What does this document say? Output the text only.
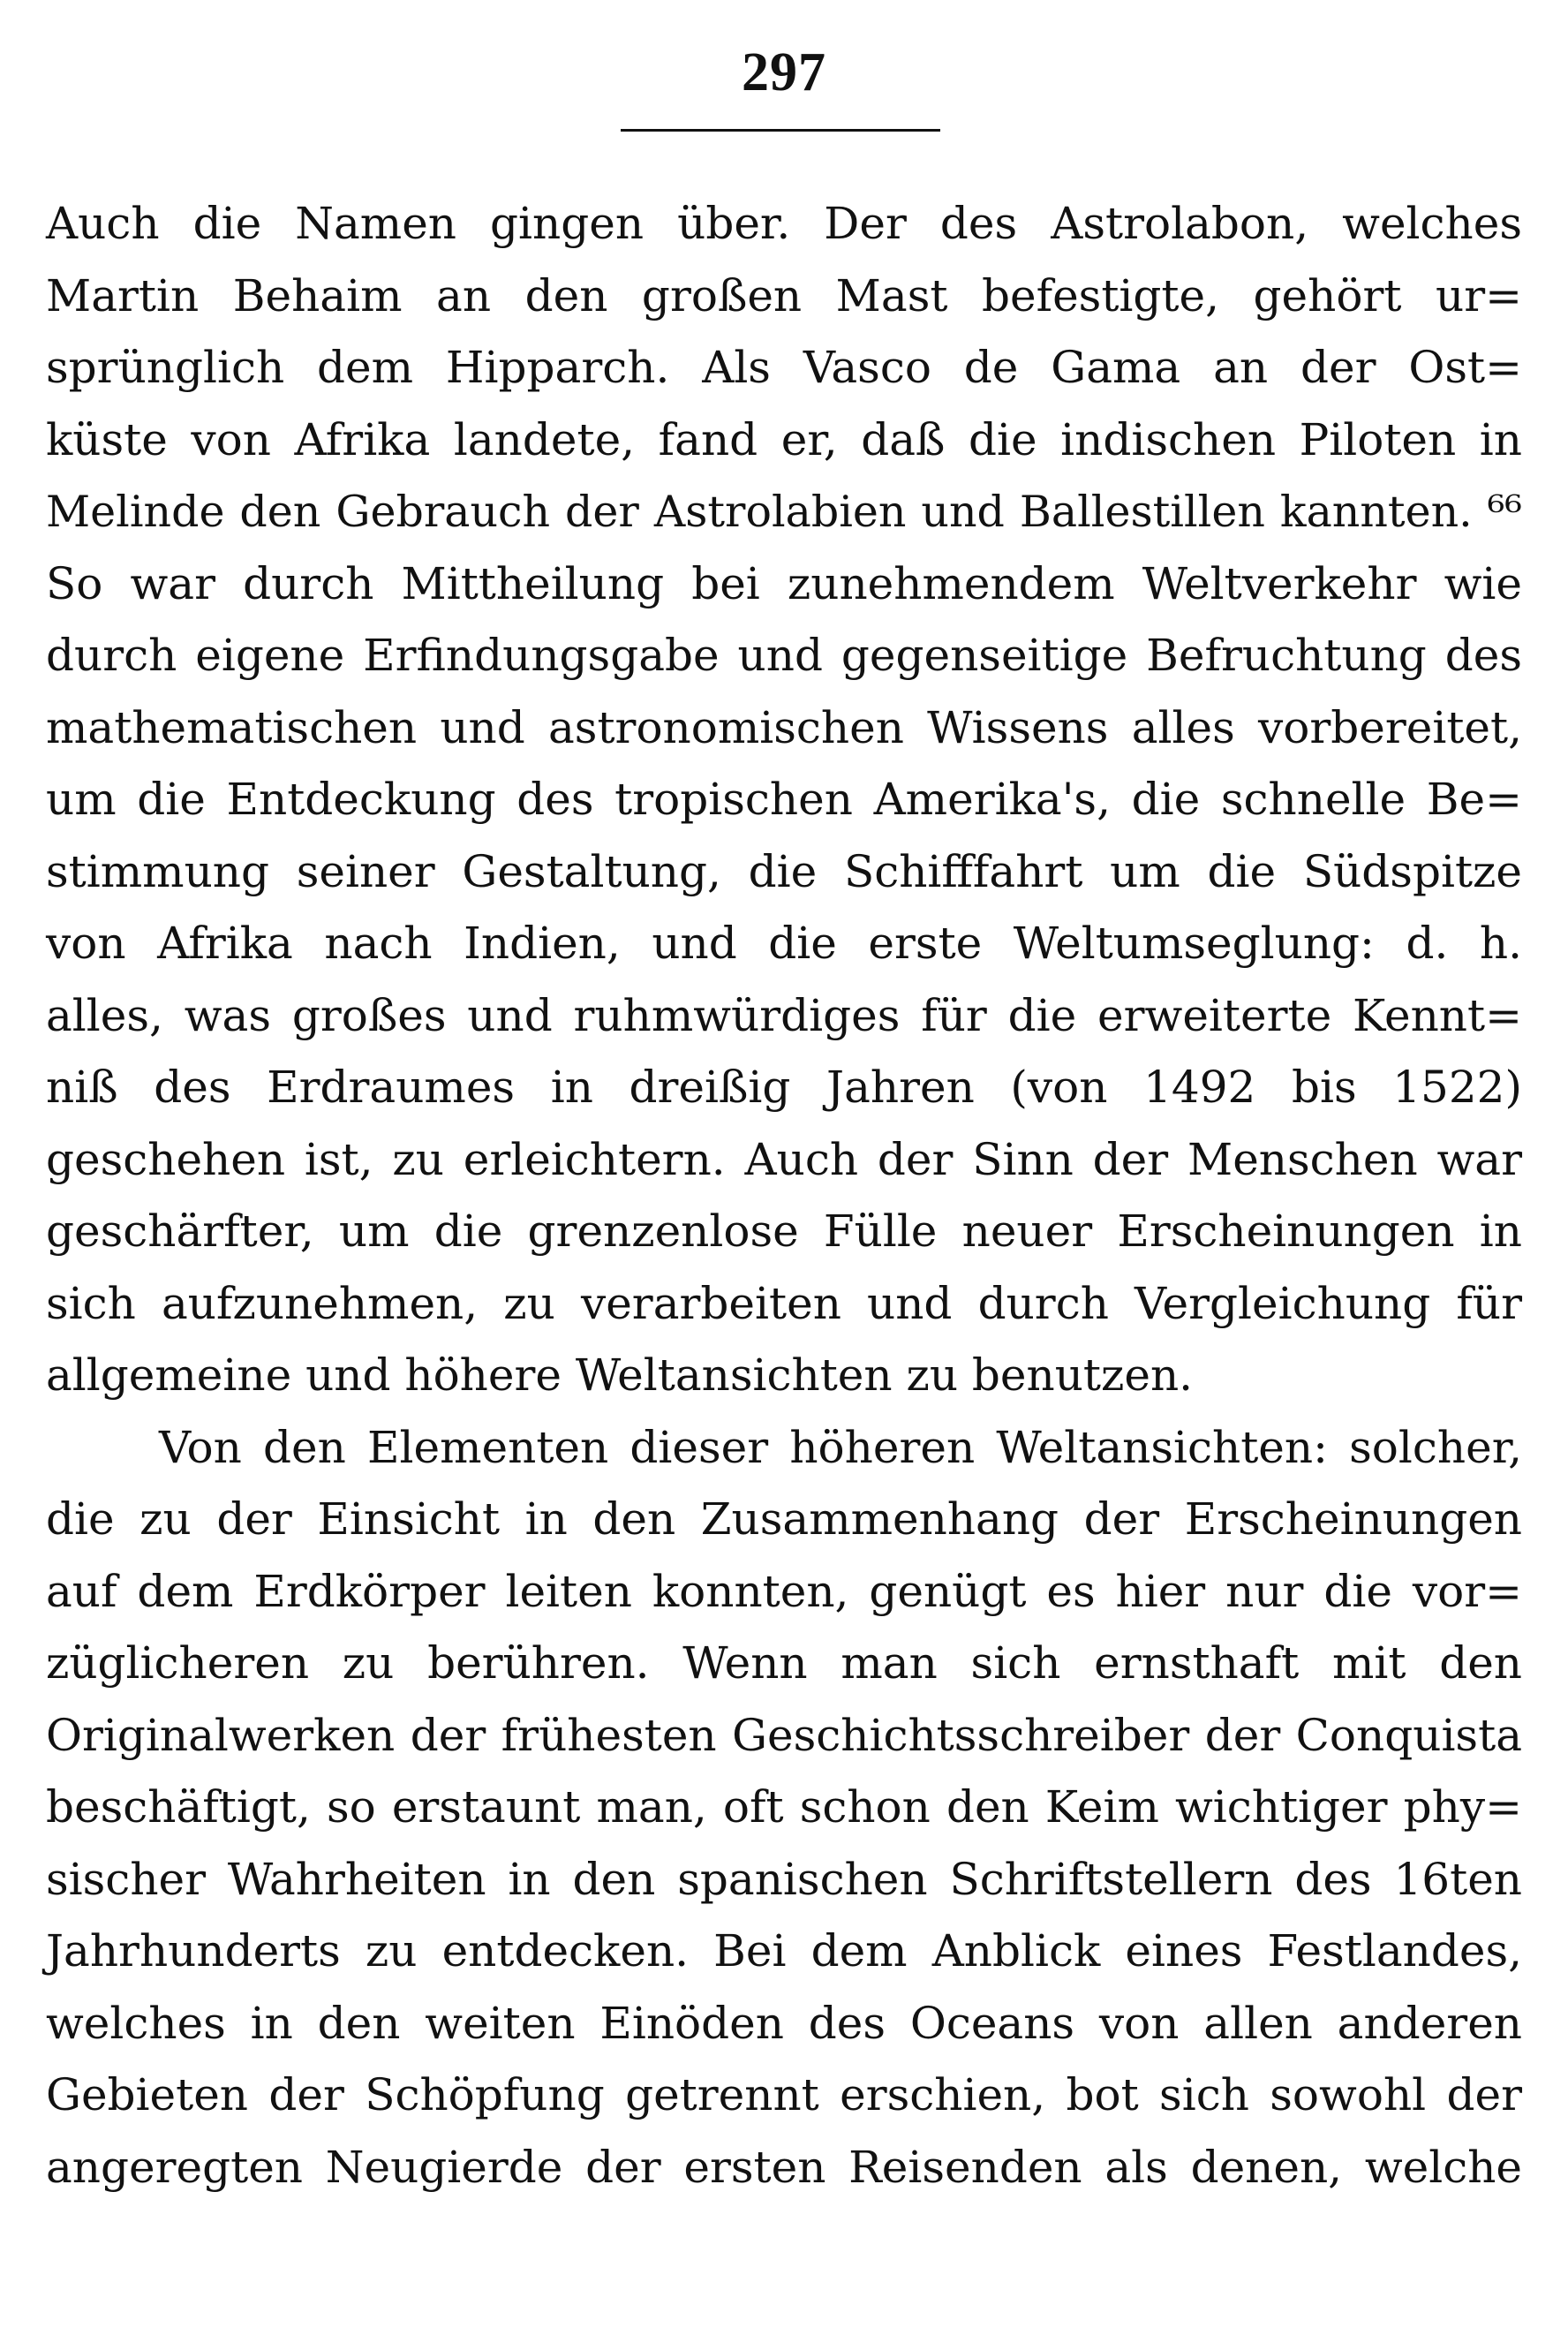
297
Auch die Namen gingen über. Der des Astrolabon, welches
Martin Behaim an den großen Mast befestigte, gehört ur=
sprünglich dem Hipparch. Als Vasco de Gama an der Ost=
küste von Afrika landete, fand er, daß die indischen Piloten in
Melinde den Gebrauch der Astrolabien und Ballestillen kannten. ⁶⁶
So war durch Mittheilung bei zunehmendem Weltverkehr wie
durch eigene Erfindungsgabe und gegenseitige Befruchtung des
mathematischen und astronomischen Wissens alles vorbereitet,
um die Entdeckung des tropischen Amerika's, die schnelle Be=
stimmung seiner Gestaltung, die Schifffahrt um die Südspitze
von Afrika nach Indien, und die erste Weltumseglung: d. h.
alles, was großes und ruhmwürdiges für die erweiterte Kennt=
niß des Erdraumes in dreißig Jahren (von 1492 bis 1522)
geschehen ist, zu erleichtern. Auch der Sinn der Menschen war
geschärfter, um die grenzenlose Fülle neuer Erscheinungen in
sich aufzunehmen, zu verarbeiten und durch Vergleichung für
allgemeine und höhere Weltansichten zu benutzen.
Von den Elementen dieser höheren Weltansichten: solcher,
die zu der Einsicht in den Zusammenhang der Erscheinungen
auf dem Erdkörper leiten konnten, genügt es hier nur die vor=
züglicheren zu berühren. Wenn man sich ernsthaft mit den
Originalwerken der frühesten Geschichtsschreiber der Conquista
beschäftigt, so erstaunt man, oft schon den Keim wichtiger phy=
sischer Wahrheiten in den spanischen Schriftstellern des 16ten
Jahrhunderts zu entdecken. Bei dem Anblick eines Festlandes,
welches in den weiten Einöden des Oceans von allen anderen
Gebieten der Schöpfung getrennt erschien, bot sich sowohl der
angeregten Neugierde der ersten Reisenden als denen, welche
